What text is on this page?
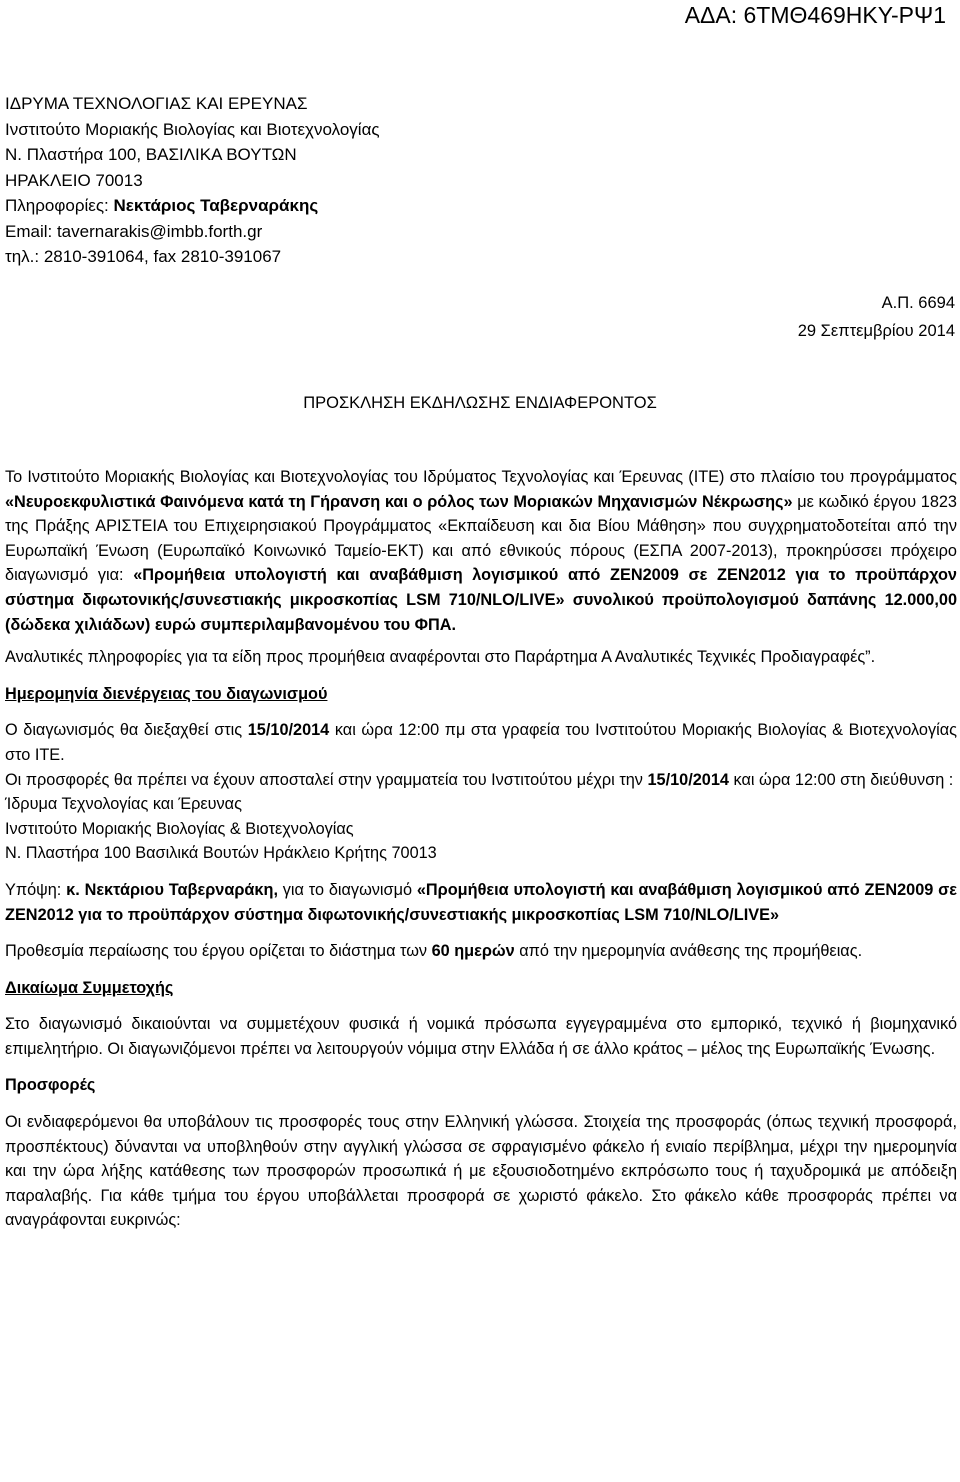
ΑΔΑ: 6ΤΜΘ469ΗΚΥ-ΡΨ1
ΙΔΡΥΜΑ ΤΕΧΝΟΛΟΓΙΑΣ ΚΑΙ ΕΡΕΥΝΑΣ
Ινστιτούτο Μοριακής Βιολογίας και Βιοτεχνολογίας
Ν. Πλαστήρα 100, ΒΑΣΙΛΙΚΑ ΒΟΥΤΩΝ
ΗΡΑΚΛΕΙΟ 70013
Πληροφορίες: Νεκτάριος Ταβερναράκης
Email: tavernarakis@imbb.forth.gr
τηλ.: 2810-391064, fax 2810-391067
Α.Π. 6694
29 Σεπτεμβρίου 2014
ΠΡΟΣΚΛΗΣΗ ΕΚΔΗΛΩΣΗΣ ΕΝΔΙΑΦΕΡΟΝΤΟΣ

Το Ινστιτούτο Μοριακής Βιολογίας και Βιοτεχνολογίας του Ιδρύματος Τεχνολογίας και Έρευνας (ΙΤΕ) στο πλαίσιο του προγράμματος «Νευροεκφυλιστικά Φαινόμενα κατά τη Γήρανση και ο ρόλος των Μοριακών Μηχανισμών Νέκρωσης» με κωδικό έργου 1823 της Πράξης ΑΡΙΣΤΕΙΑ του Επιχειρησιακού Προγράμματος «Εκπαίδευση και δια Βίου Μάθηση» που συγχρηματοδοτείται από την Ευρωπαϊκή Ένωση (Ευρωπαϊκό Κοινωνικό Ταμείο-ΕΚΤ) και από εθνικούς πόρους (ΕΣΠΑ 2007-2013), προκηρύσσει πρόχειρο διαγωνισμό για: «Προμήθεια υπολογιστή και αναβάθμιση λογισμικού από ZEN2009 σε ZEN2012 για το προϋπάρχον σύστημα διφωτονικής/συνεστιακής μικροσκοπίας LSM 710/NLO/LIVE» συνολικού προϋπολογισμού δαπάνης 12.000,00 (δώδεκα χιλιάδων) ευρώ συμπεριλαμβανομένου του ΦΠΑ.

Αναλυτικές πληροφορίες για τα είδη προς προμήθεια αναφέρονται στο Παράρτημα Α Αναλυτικές Τεχνικές Προδιαγραφές”.

Ημερομηνία διενέργειας του διαγωνισμού

Ο διαγωνισμός θα διεξαχθεί στις 15/10/2014 και ώρα 12:00 πμ στα γραφεία του Ινστιτούτου Μοριακής Βιολογίας & Βιοτεχνολογίας στο ΙΤΕ.

Οι προσφορές θα πρέπει να έχουν αποσταλεί στην γραμματεία του Ινστιτούτου μέχρι την 15/10/2014 και ώρα 12:00 στη διεύθυνση :

Ίδρυμα Τεχνολογίας και Έρευνας

Ινστιτούτο Μοριακής Βιολογίας & Βιοτεχνολογίας

Ν. Πλαστήρα 100 Βασιλικά Βουτών Ηράκλειο Κρήτης 70013

Υπόψη: κ. Νεκτάριου Ταβερναράκη, για το διαγωνισμό «Προμήθεια υπολογιστή και αναβάθμιση λογισμικού από ZEN2009 σε ZEN2012 για το προϋπάρχον σύστημα διφωτονικής/συνεστιακής μικροσκοπίας LSM 710/NLO/LIVE»

Προθεσμία περαίωσης του έργου ορίζεται το διάστημα των 60 ημερών από την ημερομηνία ανάθεσης της προμήθειας.

Δικαίωμα Συμμετοχής

Στο διαγωνισμό δικαιούνται να συμμετέχουν φυσικά ή νομικά πρόσωπα εγγεγραμμένα στο εμπορικό, τεχνικό ή βιομηχανικό επιμελητήριο. Οι διαγωνιζόμενοι πρέπει να λειτουργούν νόμιμα στην Ελλάδα ή σε άλλο κράτος – μέλος της Ευρωπαϊκής Ένωσης.

Προσφορές

Οι ενδιαφερόμενοι θα υποβάλουν τις προσφορές τους στην Ελληνική γλώσσα. Στοιχεία της προσφοράς (όπως τεχνική προσφορά, προσπέκτους) δύνανται να υποβληθούν στην αγγλική γλώσσα σε σφραγισμένο φάκελο ή ενιαίο περίβλημα, μέχρι την ημερομηνία και την ώρα λήξης κατάθεσης των προσφορών προσωπικά ή με εξουσιοδοτημένο εκπρόσωπο τους ή ταχυδρομικά με απόδειξη παραλαβής. Για κάθε τμήμα του έργου υποβάλλεται προσφορά σε χωριστό φάκελο. Στο φάκελο κάθε προσφοράς πρέπει να αναγράφονται ευκρινώς:
